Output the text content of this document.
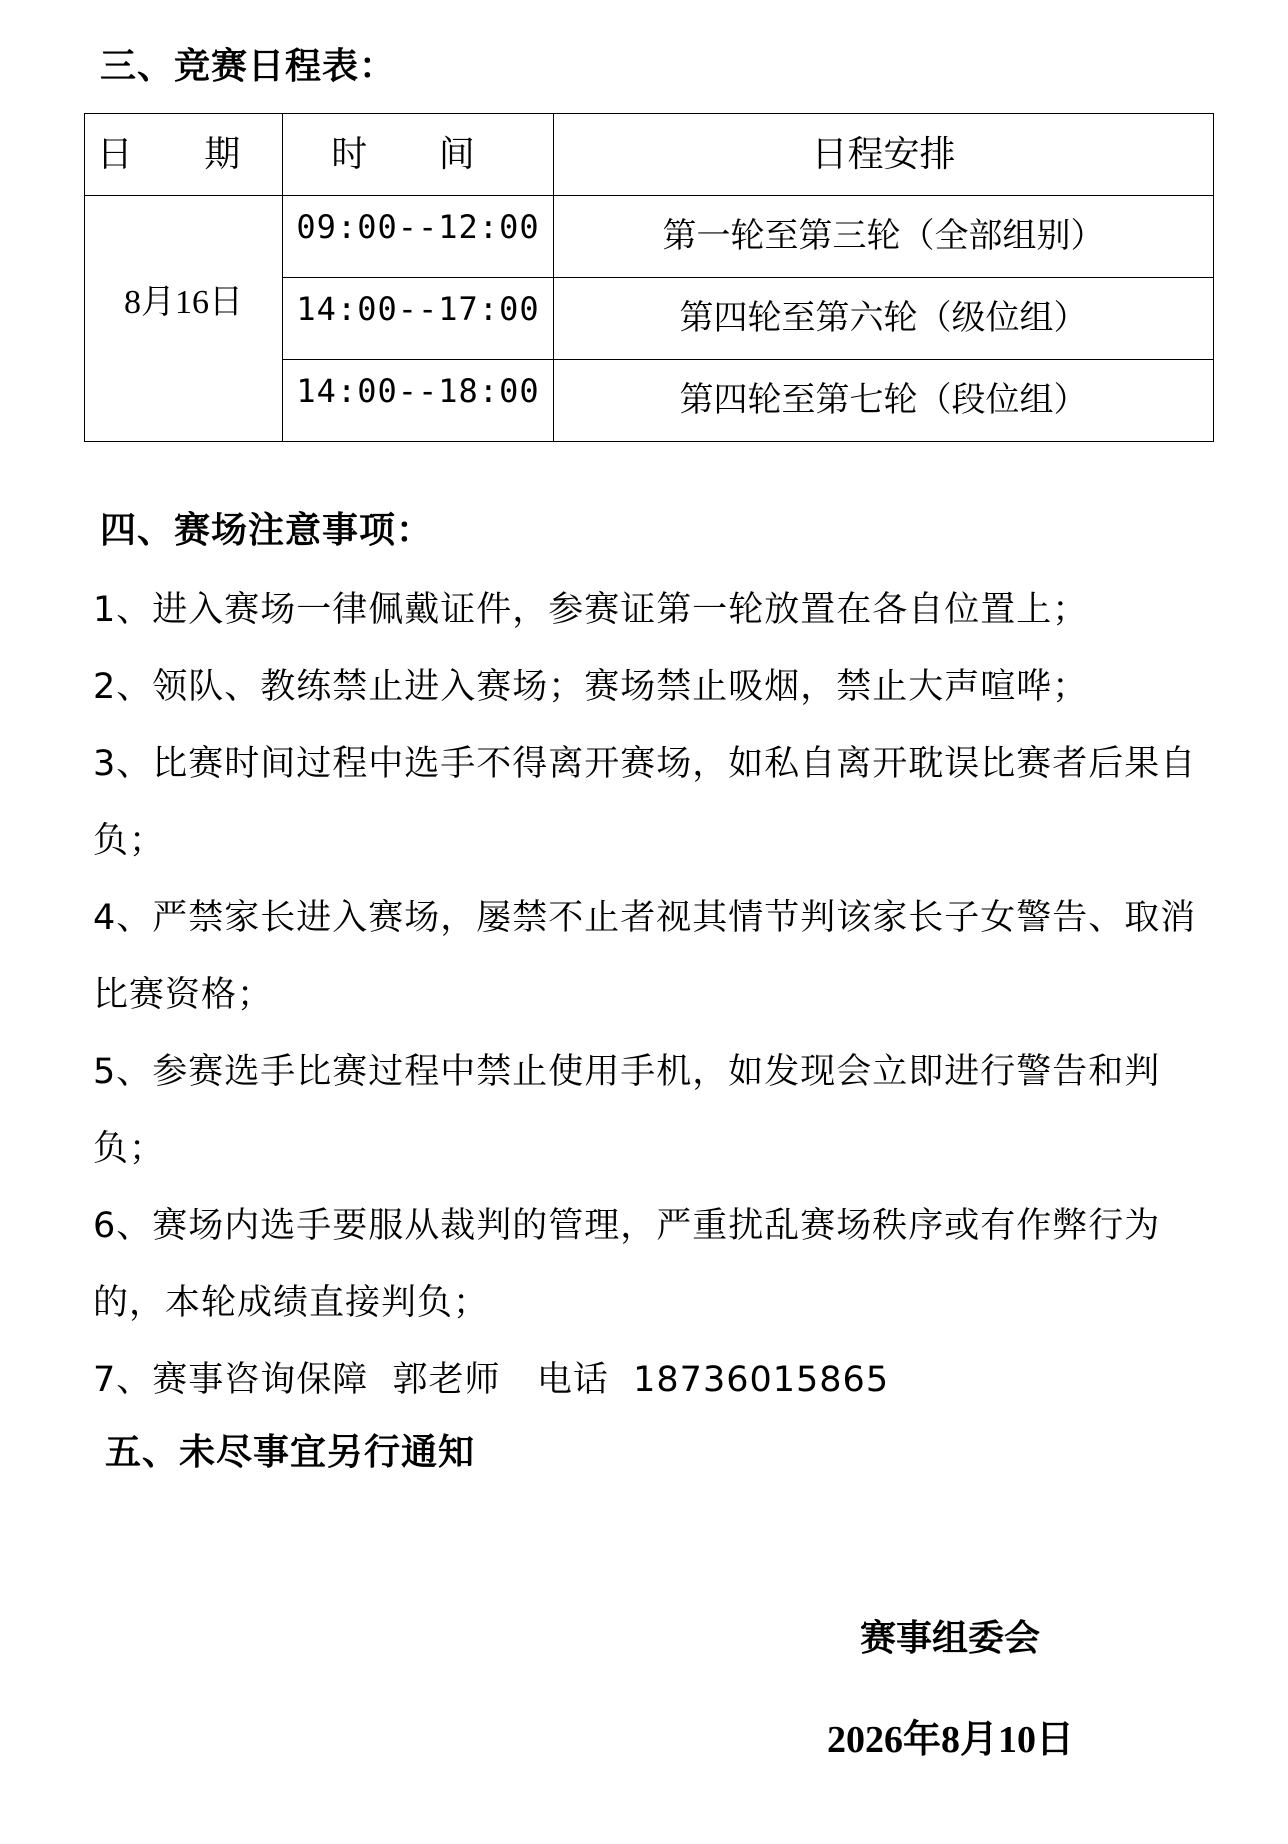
三、竞赛日程表：
日 期	时 间	日程安排
8月16日	09:00--12:00	第一轮至第三轮（全部组别）
	14:00--17:00	第四轮至第六轮（级位组）
	14:00--18:00	第四轮至第七轮（段位组）
四、赛场注意事项：

1、进入赛场一律佩戴证件，参赛证第一轮放置在各自位置上；

2、领队、教练禁止进入赛场；赛场禁止吸烟，禁止大声喧哗；

3、比赛时间过程中选手不得离开赛场，如私自离开耽误比赛者后果自负；

4、严禁家长进入赛场，屡禁不止者视其情节判该家长子女警告、取消比赛资格；

5、参赛选手比赛过程中禁止使用手机，如发现会立即进行警告和判负；

6、赛场内选手要服从裁判的管理，严重扰乱赛场秩序或有作弊行为的，本轮成绩直接判负；

7、赛事咨询保障  郭老师   电话  18736015865

五、未尽事宜另行通知
赛事组委会
2026年8月10日
